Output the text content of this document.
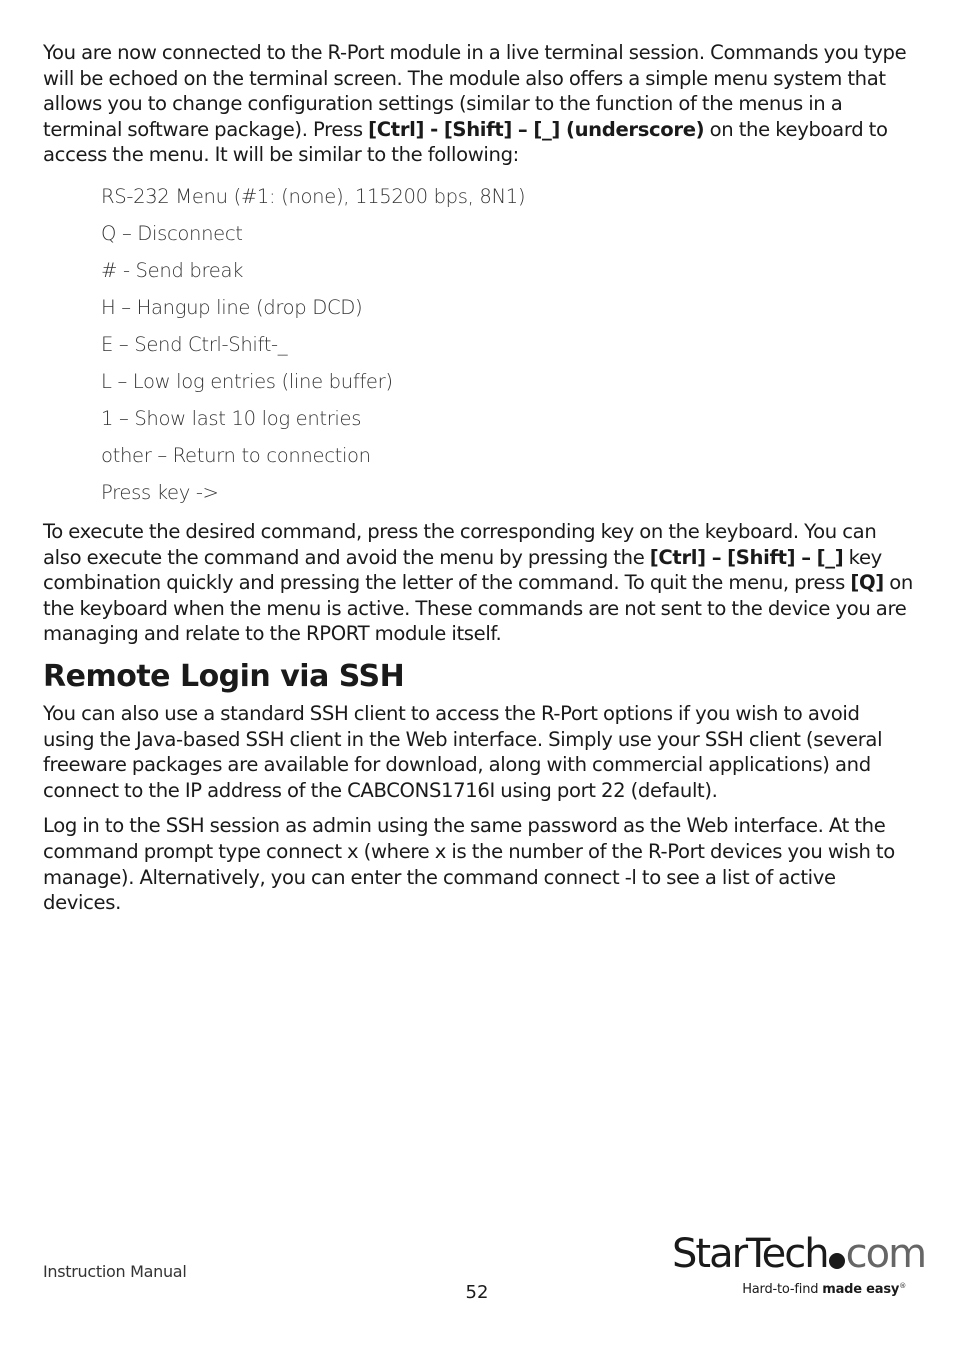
You are now connected to the R-Port module in a live terminal session. Commands you type will be echoed on the terminal screen. The module also offers a simple menu system that allows you to change configuration settings (similar to the function of the menus in a terminal software package). Press [Ctrl] - [Shift] – [_] (underscore) on the keyboard to access the menu. It will be similar to the following:

RS-232 Menu (#1: (none), 115200 bps, 8N1)
Q – Disconnect
# - Send break
H – Hangup line (drop DCD)
E – Send Ctrl-Shift-_
L – Low log entries (line buffer)
1 – Show last 10 log entries
other – Return to connection
Press key ->

To execute the desired command, press the corresponding key on the keyboard. You can also execute the command and avoid the menu by pressing the [Ctrl] – [Shift] – [_] key combination quickly and pressing the letter of the command. To quit the menu, press [Q] on the keyboard when the menu is active. These commands are not sent to the device you are managing and relate to the RPORT module itself.

Remote Login via SSH

You can also use a standard SSH client to access the R-Port options if you wish to avoid using the Java-based SSH client in the Web interface. Simply use your SSH client (several freeware packages are available for download, along with commercial applications) and connect to the IP address of the CABCONS1716I using port 22 (default).

Log in to the SSH session as admin using the same password as the Web interface. At the command prompt type connect x (where x is the number of the R-Port devices you wish to manage). Alternatively, you can enter the command connect -l to see a list of active devices.

Instruction Manual
52
StarTech com
Hard-to-find made easy®
